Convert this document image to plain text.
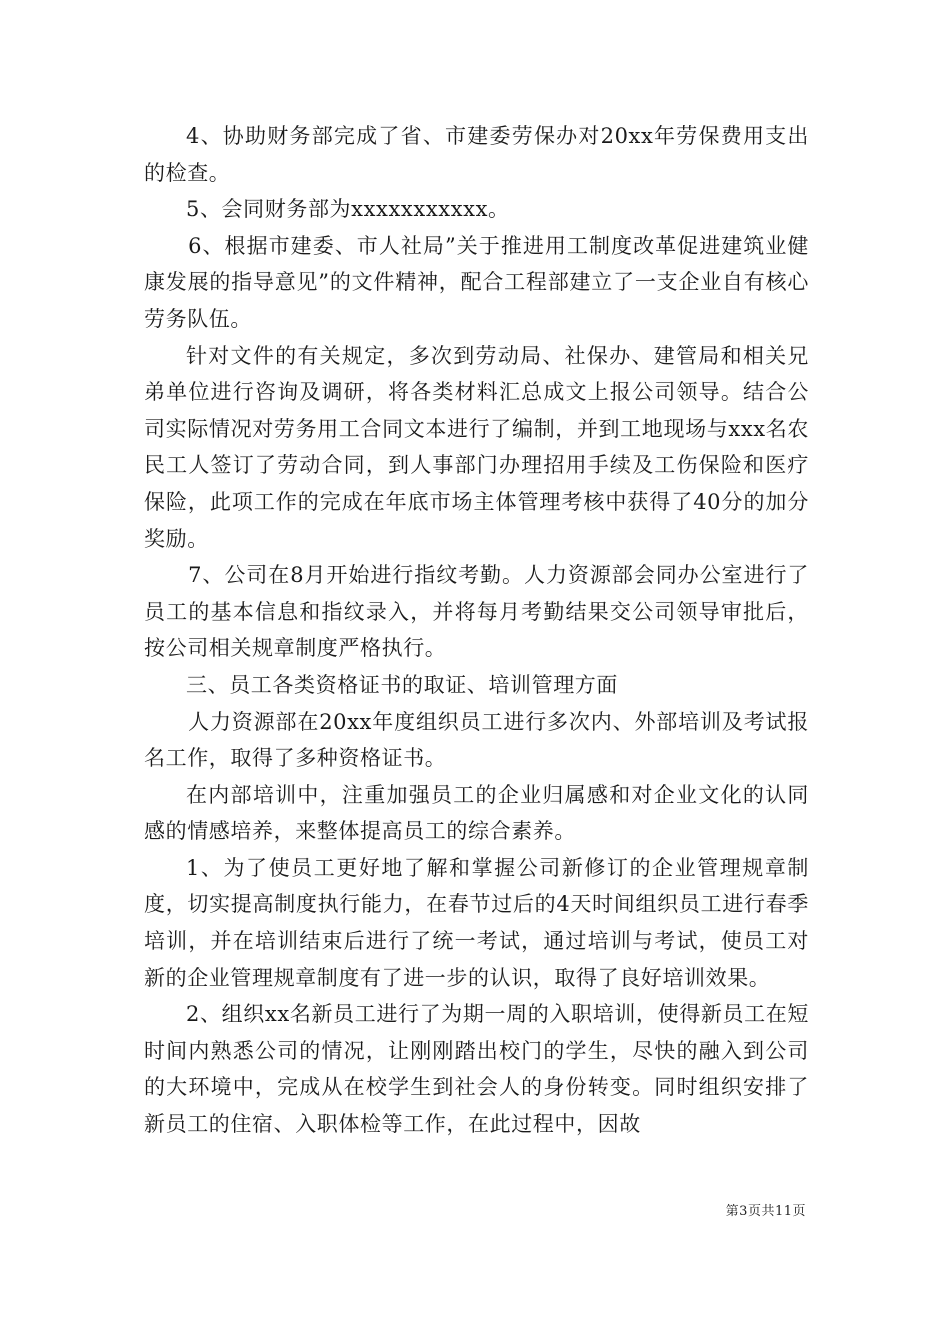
4、协助财务部完成了省、市建委劳保办对20xx年劳保费用支出的检查。

5、会同财务部为xxxxxxxxxxx。

6、根据市建委、市人社局”关于推进用工制度改革促进建筑业健康发展的指导意见”的文件精神，配合工程部建立了一支企业自有核心劳务队伍。

针对文件的有关规定，多次到劳动局、社保办、建管局和相关兄弟单位进行咨询及调研，将各类材料汇总成文上报公司领导。结合公司实际情况对劳务用工合同文本进行了编制，并到工地现场与xxx名农民工人签订了劳动合同，到人事部门办理招用手续及工伤保险和医疗保险，此项工作的完成在年底市场主体管理考核中获得了40分的加分奖励。

7、公司在8月开始进行指纹考勤。人力资源部会同办公室进行了员工的基本信息和指纹录入，并将每月考勤结果交公司领导审批后，按公司相关规章制度严格执行。

三、员工各类资格证书的取证、培训管理方面

人力资源部在20xx年度组织员工进行多次内、外部培训及考试报名工作，取得了多种资格证书。

在内部培训中，注重加强员工的企业归属感和对企业文化的认同感的情感培养，来整体提高员工的综合素养。

1、为了使员工更好地了解和掌握公司新修订的企业管理规章制度，切实提高制度执行能力，在春节过后的4天时间组织员工进行春季培训，并在培训结束后进行了统一考试，通过培训与考试，使员工对新的企业管理规章制度有了进一步的认识，取得了良好培训效果。

2、组织xx名新员工进行了为期一周的入职培训，使得新员工在短时间内熟悉公司的情况，让刚刚踏出校门的学生，尽快的融入到公司的大环境中，完成从在校学生到社会人的身份转变。同时组织安排了新员工的住宿、入职体检等工作，在此过程中，因故

第3页共11页
